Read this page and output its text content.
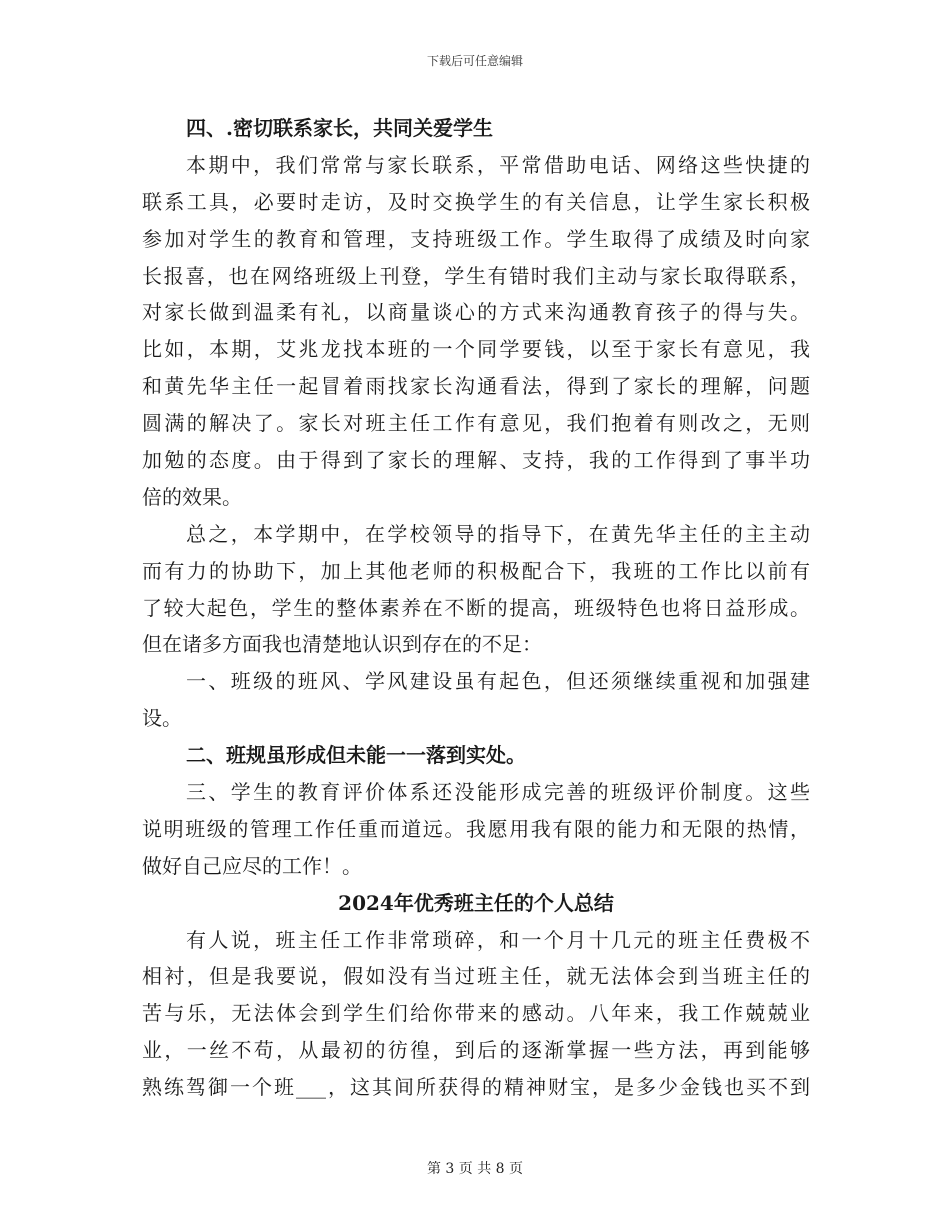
下载后可任意编辑
四、.密切联系家长，共同关爱学生
本期中，我们常常与家长联系，平常借助电话、网络这些快捷的
联系工具，必要时走访，及时交换学生的有关信息，让学生家长积极
参加对学生的教育和管理，支持班级工作。学生取得了成绩及时向家
长报喜，也在网络班级上刊登，学生有错时我们主动与家长取得联系，
对家长做到温柔有礼，以商量谈心的方式来沟通教育孩子的得与失。
比如，本期，艾兆龙找本班的一个同学要钱，以至于家长有意见，我
和黄先华主任一起冒着雨找家长沟通看法，得到了家长的理解，问题
圆满的解决了。家长对班主任工作有意见，我们抱着有则改之，无则
加勉的态度。由于得到了家长的理解、支持，我的工作得到了事半功
倍的效果。
总之，本学期中，在学校领导的指导下，在黄先华主任的主主动
而有力的协助下，加上其他老师的积极配合下，我班的工作比以前有
了较大起色，学生的整体素养在不断的提高，班级特色也将日益形成。
但在诸多方面我也清楚地认识到存在的不足：
一、班级的班风、学风建设虽有起色，但还须继续重视和加强建
设。
二、班规虽形成但未能一一落到实处。
三、学生的教育评价体系还没能形成完善的班级评价制度。这些
说明班级的管理工作任重而道远。我愿用我有限的能力和无限的热情，
做好自己应尽的工作！。
2024年优秀班主任的个人总结
有人说，班主任工作非常琐碎，和一个月十几元的班主任费极不
相衬，但是我要说，假如没有当过班主任，就无法体会到当班主任的
苦与乐，无法体会到学生们给你带来的感动。八年来，我工作兢兢业
业，一丝不苟，从最初的彷徨，到后的逐渐掌握一些方法，再到能够
熟练驾御一个班___，这其间所获得的精神财宝，是多少金钱也买不到
第 3 页 共 8 页
